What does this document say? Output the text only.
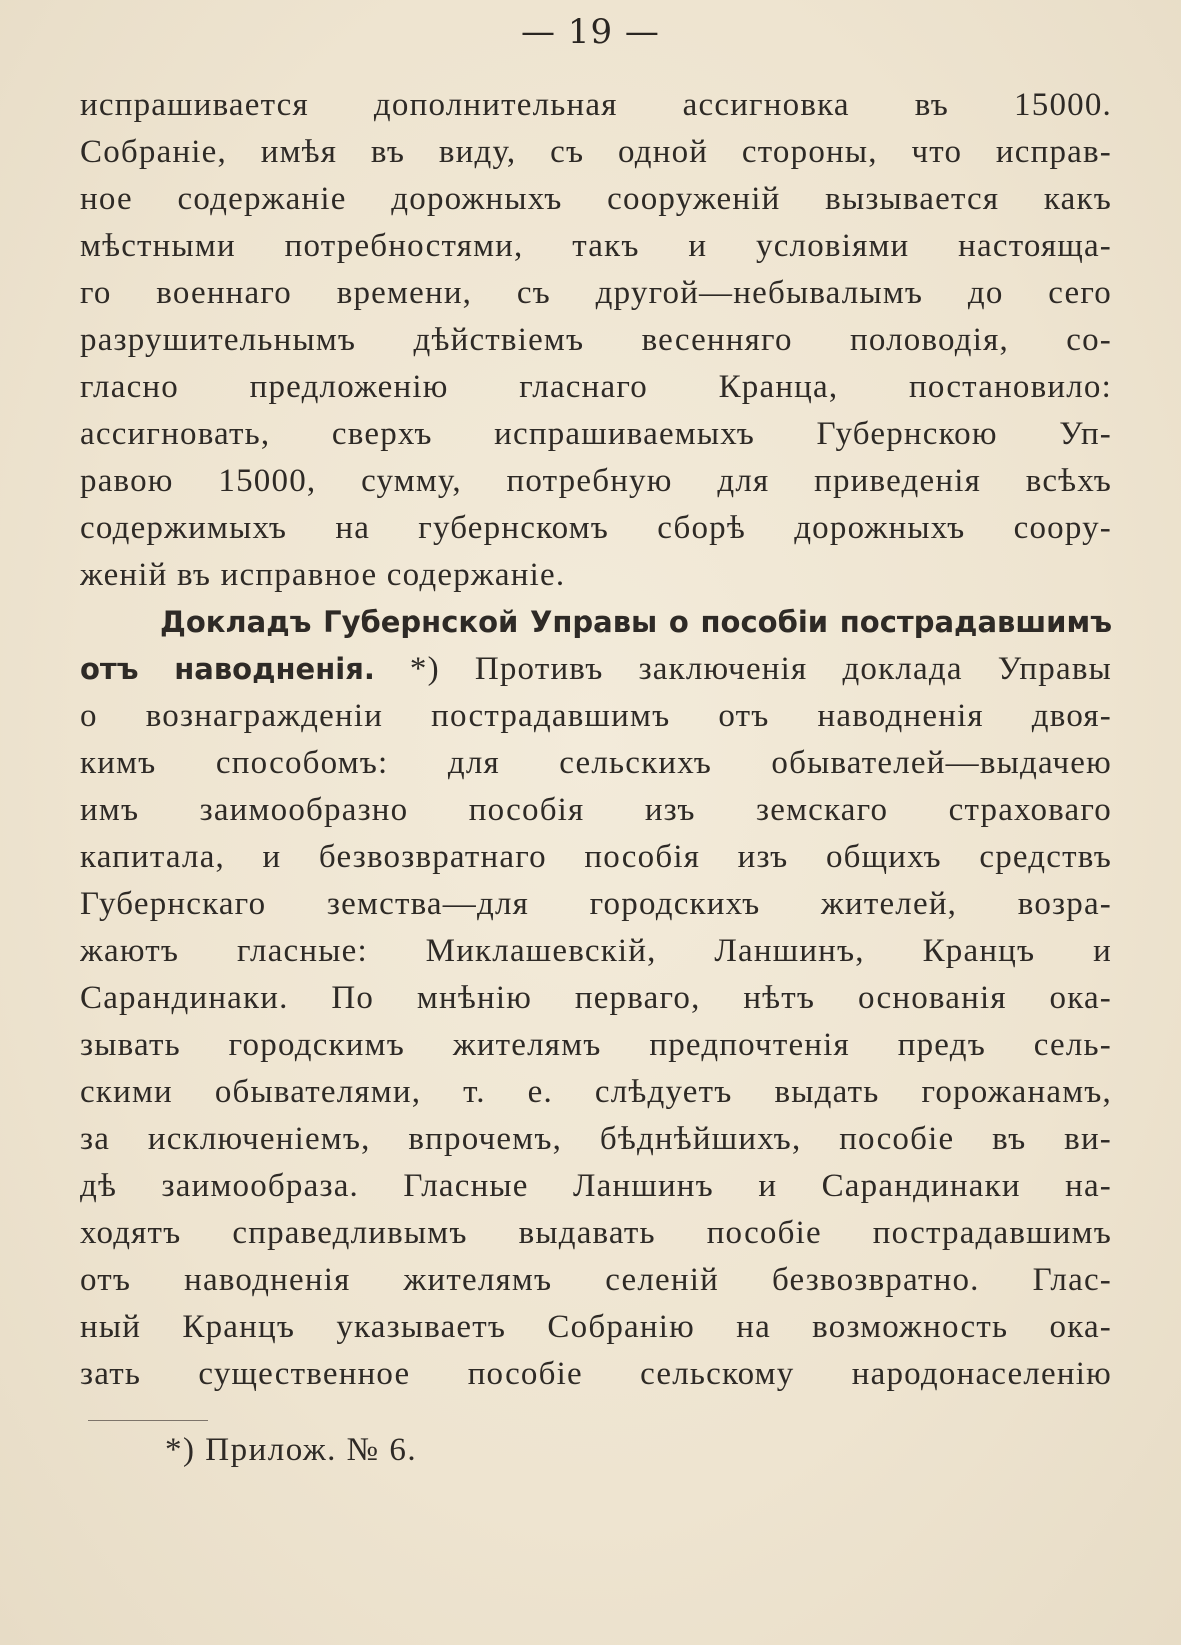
— 19 —
испрашивается дополнительная ассигновка въ 15000.
Собраніе, имѣя въ виду, съ одной стороны, что исправ-
ное содержаніе дорожныхъ сооруженій вызывается какъ
мѣстными потребностями, такъ и условіями настояща-
го военнаго времени, съ другой—небывалымъ до сего
разрушительнымъ дѣйствіемъ весенняго половодія, со-
гласно предложенію гласнаго Кранца, постановило:
ассигновать, сверхъ испрашиваемыхъ Губернскою Уп-
равою 15000, сумму, потребную для приведенія всѣхъ
содержимыхъ на губернскомъ сборѣ дорожныхъ соору-
женій въ исправное содержаніе.
Докладъ Губернской Управы о пособіи пострадавшимъ
отъ наводненія. *) Противъ заключенія доклада Управы
о вознагражденіи пострадавшимъ отъ наводненія двоя-
кимъ способомъ: для сельскихъ обывателей—выдачею
имъ заимообразно пособія изъ земскаго страховаго
капитала, и безвозвратнаго пособія изъ общихъ средствъ
Губернскаго земства—для городскихъ жителей, возра-
жаютъ гласные: Миклашевскій, Ланшинъ, Кранцъ и
Сарандинаки. По мнѣнію перваго, нѣтъ основанія ока-
зывать городскимъ жителямъ предпочтенія предъ сель-
скими обывателями, т. е. слѣдуетъ выдать горожанамъ,
за исключеніемъ, впрочемъ, бѣднѣйшихъ, пособіе въ ви-
дѣ заимообраза. Гласные Ланшинъ и Сарандинаки на-
ходятъ справедливымъ выдавать пособіе пострадавшимъ
отъ наводненія жителямъ селеній безвозвратно. Глас-
ный Кранцъ указываетъ Собранію на возможность ока-
зать существенное пособіе сельскому народонаселенію
*) Прилож. № 6.
